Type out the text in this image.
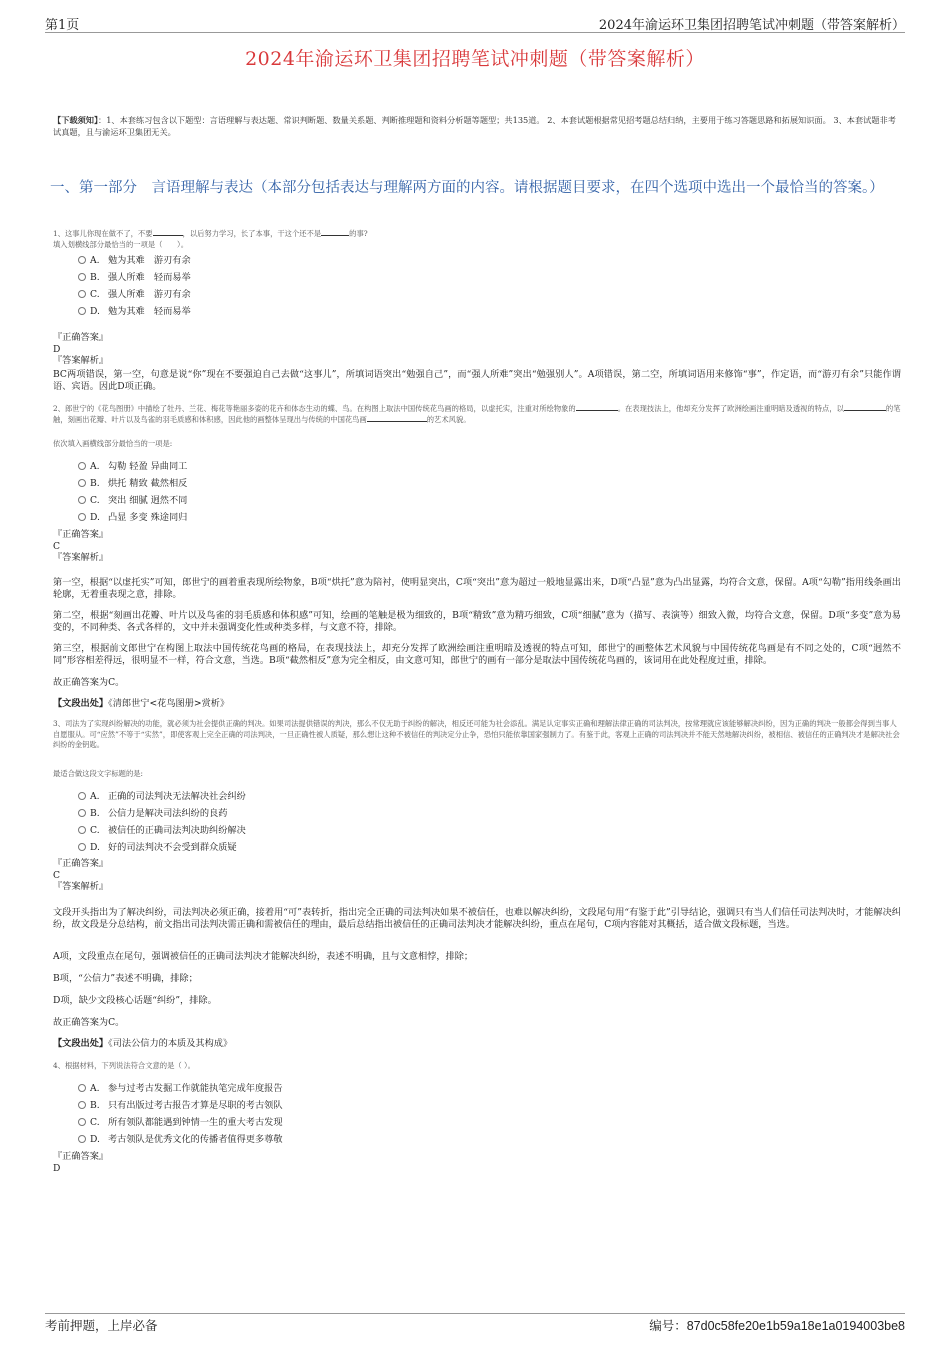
第1页	2024年渝运环卫集团招聘笔试冲刺题（带答案解析）
2024年渝运环卫集团招聘笔试冲刺题（带答案解析）
【下载须知】：1、本套练习包含以下题型：言语理解与表达题、常识判断题、数量关系题、判断推理题和资料分析题等题型；共135道。 2、本套试题根据常见招考题总结归纳，主要用于练习答题思路和拓展知识面。 3、本套试题非考试真题，且与渝运环卫集团无关。
一、第一部分　言语理解与表达（本部分包括表达与理解两方面的内容。请根据题目要求，在四个选项中选出一个最恰当的答案。）
1、这事儿你现在做不了，不要	，以后努力学习，长了本事，干这个还不是	的事?
填入划横线部分最恰当的一项是（　　）。
A. 勉为其难　游刃有余
B. 强人所难　轻而易举
C. 强人所难　游刃有余
D. 勉为其难　轻而易举
『正确答案』
D
『答案解析』
BC两项错误，第一空，句意是说“你”现在不要强迫自己去做“这事儿”，所填词语突出“勉强自己”，而“强人所难”突出“勉强别人”。A项错误，第二空，所填词语用来修饰“事”，作定语，而“游刃有余”只能作谓语、宾语。因此D项正确。
2、郎世宁的《花鸟图册》中描绘了牡丹、兰花、梅花等艳丽多姿的花卉和体态生动的蝶、鸟。在构图上取法中国传统花鸟画的格局，以虚托实，注重对所绘物象的	。在表现技法上，他却充分发挥了欧洲绘画注重明暗及透视的特点，以	的笔触，刻画出花瓣、叶片以及鸟雀的羽毛质感和体积感，因此他的画整体呈现出与传统的中国花鸟画	的艺术风貌。
依次填入画横线部分最恰当的一项是:
A. 勾勒 轻盈 异曲同工
B. 烘托 精致 截然相反
C. 突出 细腻 迥然不同
D. 凸显 多变 殊途同归
『正确答案』
C
『答案解析』
第一空，根据“以虚托实”可知，郎世宁的画着重表现所绘物象，B项“烘托”意为陪衬，使明显突出，C项“突出”意为超过一般地显露出来，D项“凸显”意为凸出显露，均符合文意，保留。A项“勾勒”指用线条画出轮廓，无着重表现之意，排除。
第二空，根据“刻画出花瓣、叶片以及鸟雀的羽毛质感和体积感”可知，绘画的笔触是极为细致的，B项“精致”意为精巧细致，C项“细腻”意为（描写、表演等）细致入微，均符合文意，保留。D项“多变”意为易变的，不同种类、各式各样的，文中并未强调变化性或种类多样，与文意不符，排除。
第三空，根据前文郎世宁在构图上取法中国传统花鸟画的格局，在表现技法上，却充分发挥了欧洲绘画注重明暗及透视的特点可知，郎世宁的画整体艺术风貌与中国传统花鸟画是有不同之处的，C项“迥然不同”形容相差得远，很明显不一样，符合文意，当选。B项“截然相反”意为完全相反，由文意可知，郎世宁的画有一部分是取法中国传统花鸟画的，该词用在此处程度过重，排除。
故正确答案为C。
【文段出处】《清郎世宁<花鸟图册>赏析》
3、司法为了实现纠纷解决的功能，就必须为社会提供正确的判决。如果司法提供错误的判决，那么不仅无助于纠纷的解决，相反还可能为社会添乱。满足认定事实正确和理解法律正确的司法判决，按常理就应该能够解决纠纷，因为正确的判决一般都会得到当事人自愿服从。可“应然”不等于“实然”，即使客观上完全正确的司法判决，一旦正确性被人质疑，那么想让这种不被信任的判决定分止争，恐怕只能依靠国家强制力了。有鉴于此，客观上正确的司法判决并不能天然地解决纠纷，被相信、被信任的正确判决才是解决社会纠纷的金钥匙。
最适合做这段文字标题的是:
A. 正确的司法判决无法解决社会纠纷
B. 公信力是解决司法纠纷的良药
C. 被信任的正确司法判决助纠纷解决
D. 好的司法判决不会受到群众质疑
『正确答案』
C
『答案解析』
文段开头指出为了解决纠纷，司法判决必须正确，接着用“可”表转折，指出完全正确的司法判决如果不被信任，也难以解决纠纷，文段尾句用“有鉴于此”引导结论，强调只有当人们信任司法判决时，才能解决纠纷，故文段是分总结构，前文指出司法判决需正确和需被信任的理由，最后总结指出被信任的正确司法判决才能解决纠纷，重点在尾句，C项内容能对其概括，适合做文段标题，当选。
A项，文段重点在尾句，强调被信任的正确司法判决才能解决纠纷，表述不明确，且与文意相悖，排除；
B项，“公信力”表述不明确，排除；
D项，缺少文段核心话题“纠纷”，排除。
故正确答案为C。
【文段出处】《司法公信力的本质及其构成》
4、根据材料，下列说法符合文意的是（ ）。
A. 参与过考古发掘工作就能执笔完成年度报告
B. 只有出版过考古报告才算是尽职的考古领队
C. 所有领队都能遇到钟情一生的重大考古发现
D. 考古领队是优秀文化的传播者值得更多尊敬
『正确答案』
D
考前押题，上岸必备	编号：87d0c58fe20e1b59a18e1a0194003be8
